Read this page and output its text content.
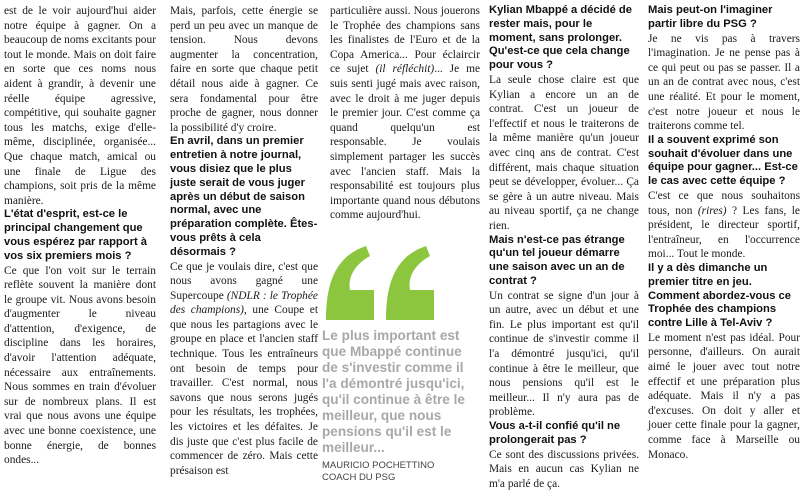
est de le voir aujourd'hui aider notre équipe à gagner. On a beaucoup de noms excitants pour tout le monde. Mais on doit faire en sorte que ces noms nous aident à grandir, à devenir une réelle équipe agressive, compétitive, qui souhaite gagner tous les matchs, exige d'elle-même, disciplinée, organisée... Que chaque match, amical ou une finale de Ligue des champions, soit pris de la même manière.

L'état d'esprit, est-ce le principal changement que vous espérez par rapport à vos six premiers mois ?

Ce que l'on voit sur le terrain reflète souvent la manière dont le groupe vit. Nous avons besoin d'augmenter le niveau d'attention, d'exigence, de discipline dans les horaires, d'avoir l'attention adéquate, nécessaire aux entraînements. Nous sommes en train d'évoluer sur de nombreux plans. Il est vrai que nous avons une équipe avec une bonne coexistence, une bonne énergie, de bonnes ondes...

Mais, parfois, cette énergie se perd un peu avec un manque de tension. Nous devons augmenter la concentration, faire en sorte que chaque petit détail nous aide à gagner. Ce sera fondamental pour être proche de gagner, nous donner la possibilité d'y croire.

En avril, dans un premier entretien à notre journal, vous disiez que le plus juste serait de vous juger après un début de saison normal, avec une préparation complète. Êtes-vous prêts à cela désormais ?

Ce que je voulais dire, c'est que nous avons gagné une Supercoupe (NDLR : le Trophée des champions), une Coupe et que nous les partagions avec le groupe en place et l'ancien staff technique. Tous les entraîneurs ont besoin de temps pour travailler. C'est normal, nous savons que nous serons jugés pour les résultats, les trophées, les victoires et les défaites. Je dis juste que c'est plus facile de commencer de zéro. Mais cette présaison est

particulière aussi. Nous jouerons le Trophée des champions sans les finalistes de l'Euro et de la Copa America... Pour éclaircir ce sujet (il réfléchit)... Je me suis senti jugé mais avec raison, avec le droit à me juger depuis le premier jour. C'est comme ça quand quelqu'un est responsable. Je voulais simplement partager les succès avec l'ancien staff. Mais la responsabilité est toujours plus importante quand nous débutons comme aujourd'hui.

Le plus important est que Mbappé continue de s'investir comme il l'a démontré jusqu'ici, qu'il continue à être le meilleur, que nous pensions qu'il est le meilleur...
MAURICIO POCHETTINO
COACH DU PSG

Kylian Mbappé a décidé de rester mais, pour le moment, sans prolonger. Qu'est-ce que cela change pour vous ?

La seule chose claire est que Kylian a encore un an de contrat. C'est un joueur de l'effectif et nous le traiterons de la même manière qu'un joueur avec cinq ans de contrat. C'est différent, mais chaque situation peut se développer, évoluer... Ça se gère à un autre niveau. Mais au niveau sportif, ça ne change rien.

Mais n'est-ce pas étrange qu'un tel joueur démarre une saison avec un an de contrat ?

Un contrat se signe d'un jour à un autre, avec un début et une fin. Le plus important est qu'il continue de s'investir comme il l'a démontré jusqu'ici, qu'il continue à être le meilleur, que nous pensions qu'il est le meilleur... Il n'y aura pas de problème.

Vous a-t-il confié qu'il ne prolongerait pas ?

Ce sont des discussions privées. Mais en aucun cas Kylian ne m'a parlé de ça.

Mais peut-on l'imaginer partir libre du PSG ?

Je ne vis pas à travers l'imagination. Je ne pense pas à ce qui peut ou pas se passer. Il a un an de contrat avec nous, c'est une réalité. Et pour le moment, c'est notre joueur et nous le traiterons comme tel.

Il a souvent exprimé son souhait d'évoluer dans une équipe pour gagner... Est-ce le cas avec cette équipe ?

C'est ce que nous souhaitons tous, non (rires) ? Les fans, le président, le directeur sportif, l'entraîneur, en l'occurrence moi... Tout le monde.

Il y a dès dimanche un premier titre en jeu. Comment abordez-vous ce Trophée des champions contre Lille à Tel-Aviv ?

Le moment n'est pas idéal. Pour personne, d'ailleurs. On aurait aimé le jouer avec tout notre effectif et une préparation plus adéquate. Mais il n'y a pas d'excuses. On doit y aller et jouer cette finale pour la gagner, comme face à Marseille ou Monaco.
